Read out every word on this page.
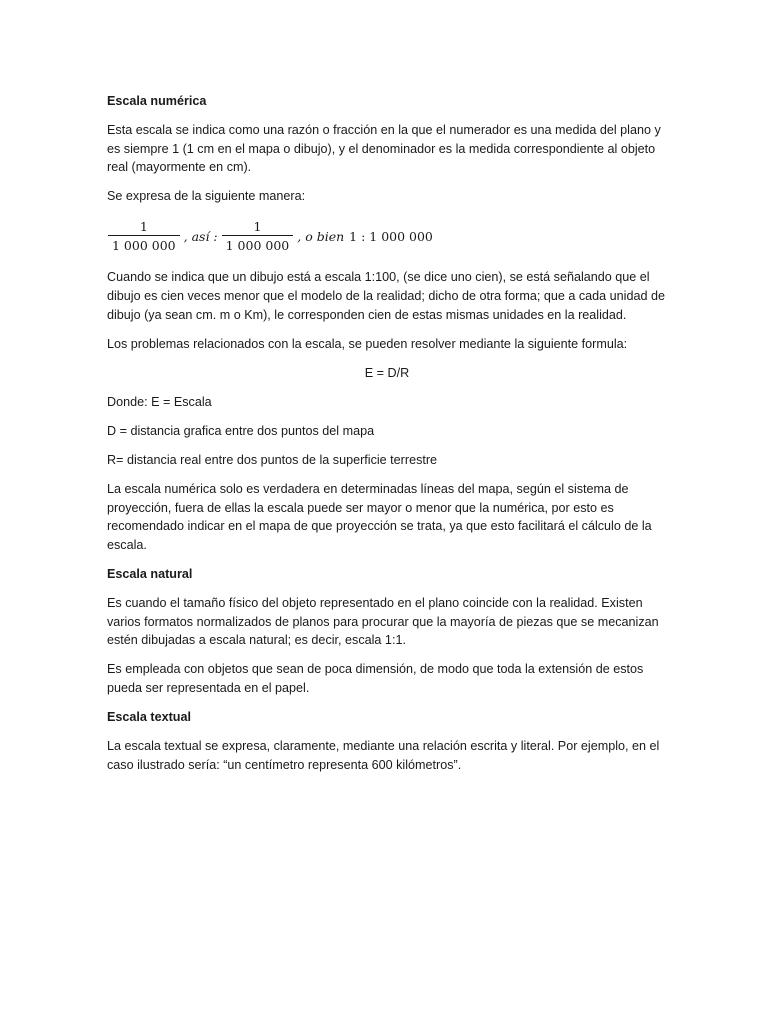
Escala numérica

Esta escala se indica como una razón o fracción en la que el numerador es una medida del plano y es siempre 1 (1 cm en el mapa o dibujo), y el denominador es la medida correspondiente al objeto real (mayormente en cm).

Se expresa de la siguiente manera:

$\frac{1}{1 000 000}$ , así : $\frac{1}{1 000 000}$ , o bien 1 : 1 000 000

Cuando se indica que un dibujo está a escala 1:100, (se dice uno cien), se está señalando que el dibujo es cien veces menor que el modelo de la realidad; dicho de otra forma; que a cada unidad de dibujo (ya sean cm. m o Km), le corresponden cien de estas mismas unidades en la realidad.

Los problemas relacionados con la escala, se pueden resolver mediante la siguiente formula:

E = D/R

Donde: E = Escala

D = distancia grafica entre dos puntos del mapa

R= distancia real entre dos puntos de la superficie terrestre

La escala numérica solo es verdadera en determinadas líneas del mapa, según el sistema de proyección, fuera de ellas la escala puede ser mayor o menor que la numérica, por esto es recomendado indicar en el mapa de que proyección se trata, ya que esto facilitará el cálculo de la escala.

Escala natural

Es cuando el tamaño físico del objeto representado en el plano coincide con la realidad. Existen varios formatos normalizados de planos para procurar que la mayoría de piezas que se mecanizan estén dibujadas a escala natural; es decir, escala 1:1.

Es empleada con objetos que sean de poca dimensión, de modo que toda la extensión de estos pueda ser representada en el papel.

Escala textual

La escala textual se expresa, claramente, mediante una relación escrita y literal. Por ejemplo, en el caso ilustrado sería: “un centímetro representa 600 kilómetros”.
